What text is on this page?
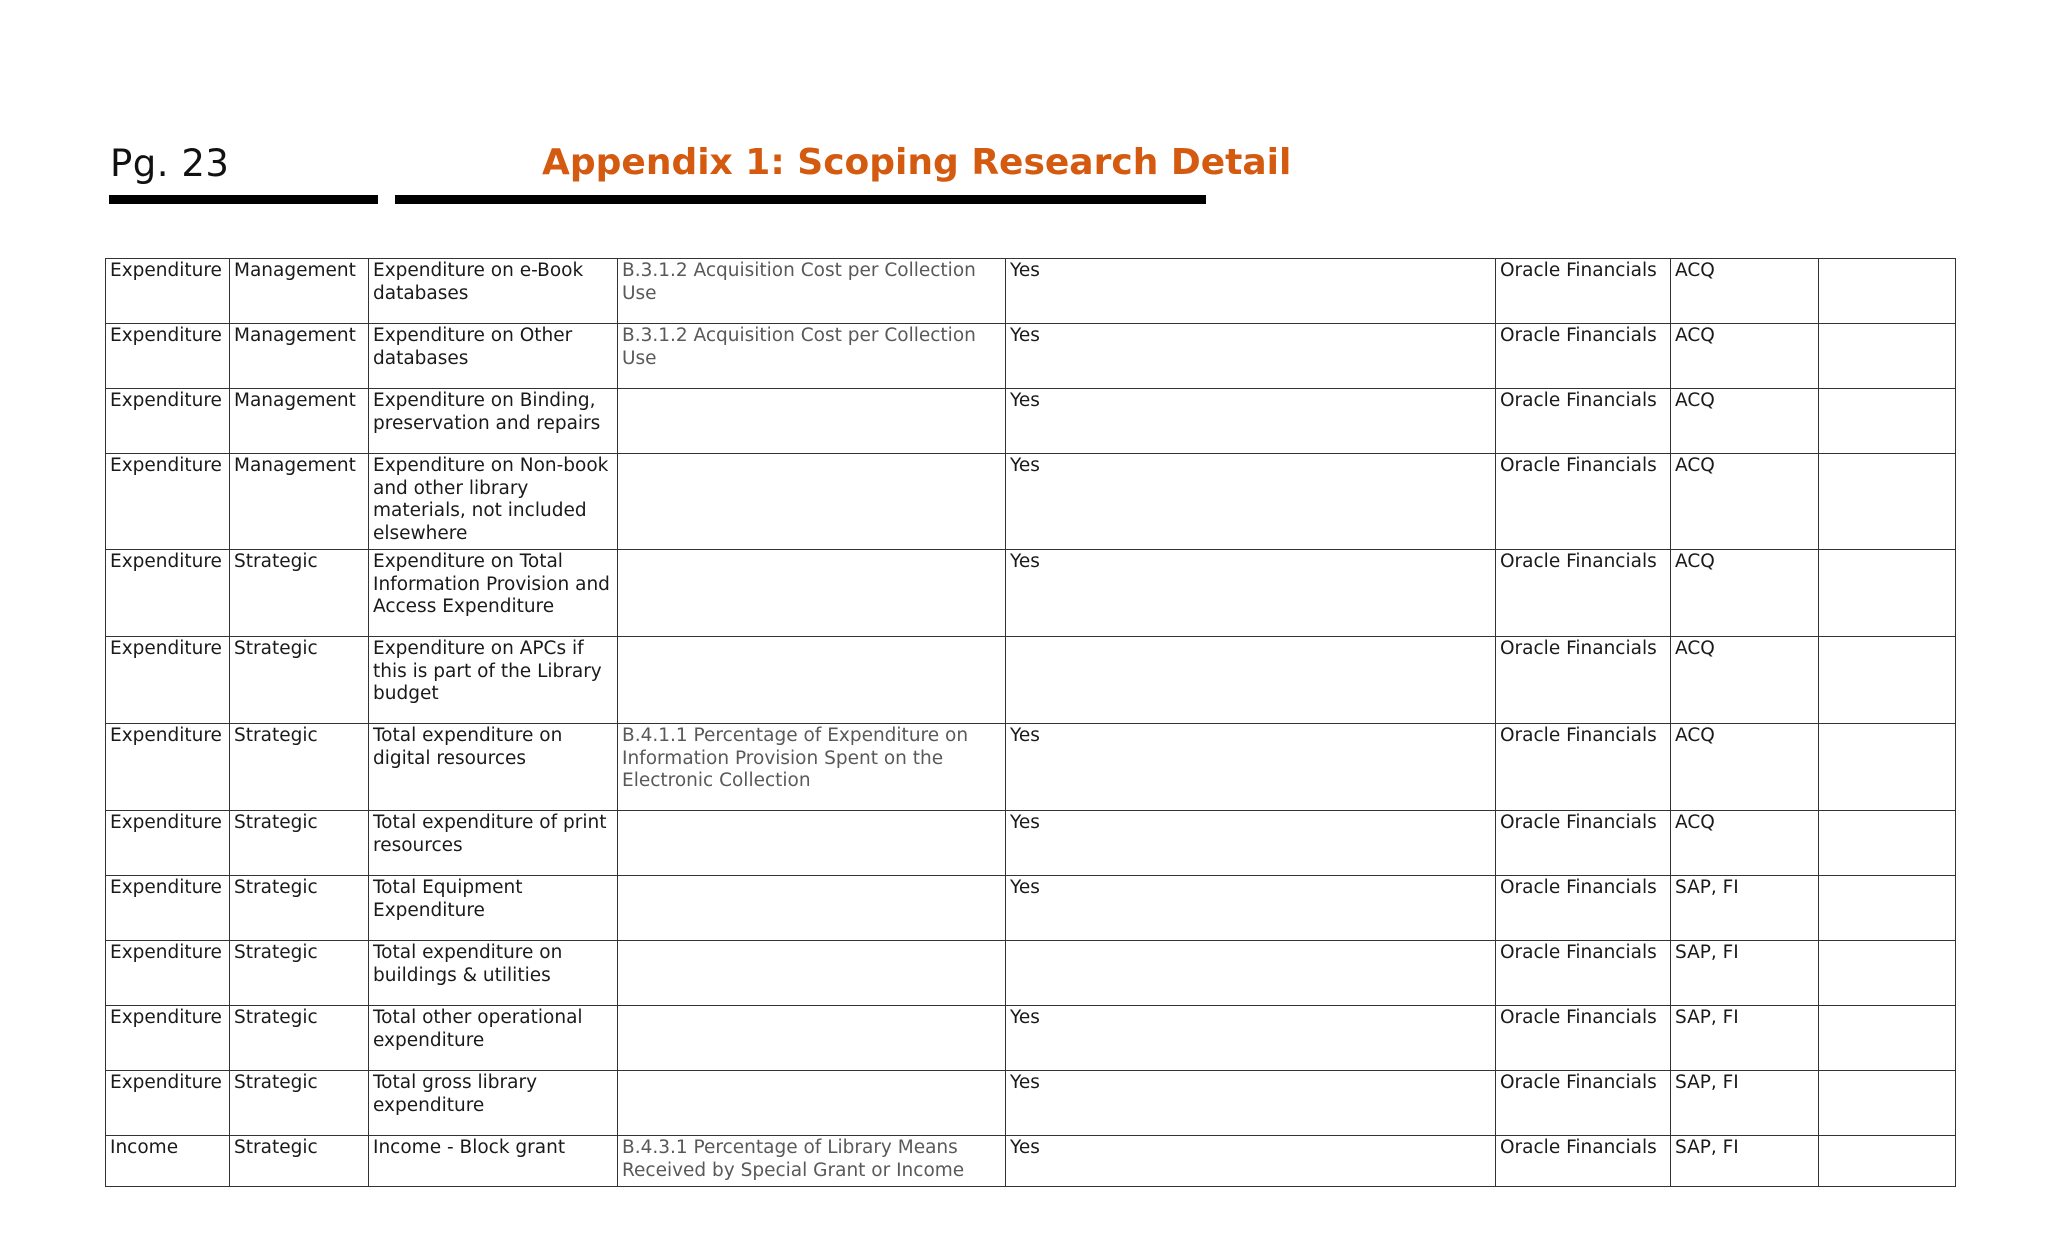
Pg. 23	Appendix 1: Scoping Research Detail
Expenditure	Management	Expenditure on e-Book databases	B.3.1.2 Acquisition Cost per Collection Use	Yes	Oracle Financials	ACQ	
Expenditure	Management	Expenditure on Other databases	B.3.1.2 Acquisition Cost per Collection Use	Yes	Oracle Financials	ACQ	
Expenditure	Management	Expenditure on Binding, preservation and repairs		Yes	Oracle Financials	ACQ	
Expenditure	Management	Expenditure on Non-book and other library materials, not included elsewhere		Yes	Oracle Financials	ACQ	
Expenditure	Strategic	Expenditure on Total Information Provision and Access Expenditure		Yes	Oracle Financials	ACQ	
Expenditure	Strategic	Expenditure on APCs if this is part of the Library budget			Oracle Financials	ACQ	
Expenditure	Strategic	Total expenditure on digital resources	B.4.1.1 Percentage of Expenditure on Information Provision Spent on the Electronic Collection	Yes	Oracle Financials	ACQ	
Expenditure	Strategic	Total expenditure of print resources		Yes	Oracle Financials	ACQ	
Expenditure	Strategic	Total Equipment Expenditure		Yes	Oracle Financials	SAP, FI	
Expenditure	Strategic	Total expenditure on buildings & utilities			Oracle Financials	SAP, FI	
Expenditure	Strategic	Total other operational expenditure		Yes	Oracle Financials	SAP, FI	
Expenditure	Strategic	Total gross library expenditure		Yes	Oracle Financials	SAP, FI	
Income	Strategic	Income - Block grant	B.4.3.1 Percentage of Library Means Received by Special Grant or Income	Yes	Oracle Financials	SAP, FI	
